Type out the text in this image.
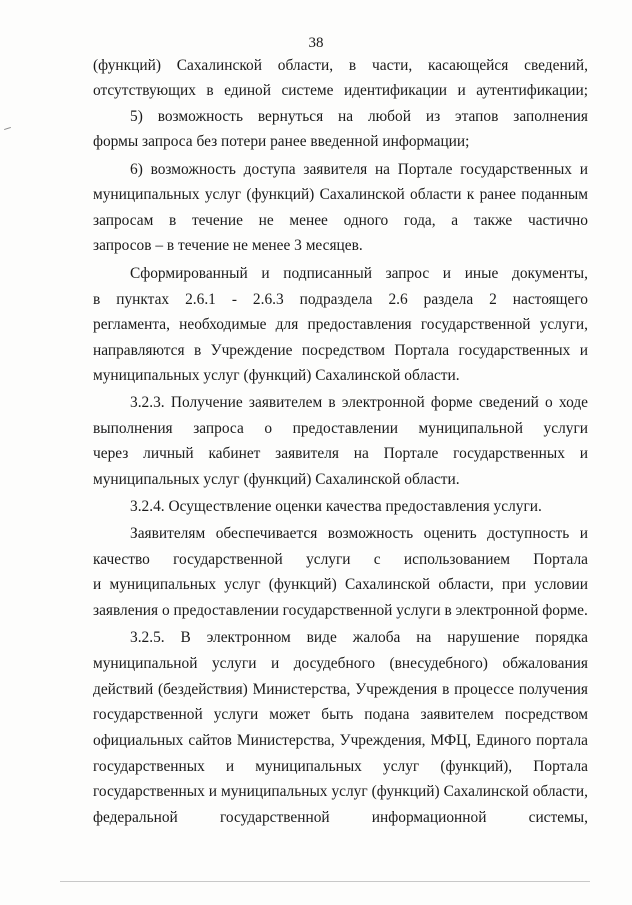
38
(функций) Сахалинской области, в части, касающейся сведений,
отсутствующих в единой системе идентификации и аутентификации;
5) возможность вернуться на любой из этапов заполнения
формы запроса без потери ранее введенной информации;
6) возможность доступа заявителя на Портале государственных и
муниципальных услуг (функций) Сахалинской области к ранее поданным
запросам в течение не менее одного года, а также частично
запросов – в течение не менее 3 месяцев.
Сформированный и подписанный запрос и иные документы,
в пунктах 2.6.1 - 2.6.3 подраздела 2.6 раздела 2 настоящего
регламента, необходимые для предоставления государственной услуги,
направляются в Учреждение посредством Портала государственных и
муниципальных услуг (функций) Сахалинской области.
3.2.3. Получение заявителем в электронной форме сведений о ходе
выполнения запроса о предоставлении муниципальной услуги
через личный кабинет заявителя на Портале государственных и
муниципальных услуг (функций) Сахалинской области.
3.2.4. Осуществление оценки качества предоставления услуги.
Заявителям обеспечивается возможность оценить доступность и
качество государственной услуги с использованием Портала
и муниципальных услуг (функций) Сахалинской области, при условии
заявления о предоставлении государственной услуги в электронной форме.
3.2.5. В электронном виде жалоба на нарушение порядка
муниципальной услуги и досудебного (внесудебного) обжалования
действий (бездействия) Министерства, Учреждения в процессе получения
государственной услуги может быть подана заявителем посредством
официальных сайтов Министерства, Учреждения, МФЦ, Единого портала
государственных и муниципальных услуг (функций), Портала
государственных и муниципальных услуг (функций) Сахалинской области,
федеральной государственной информационной системы,
